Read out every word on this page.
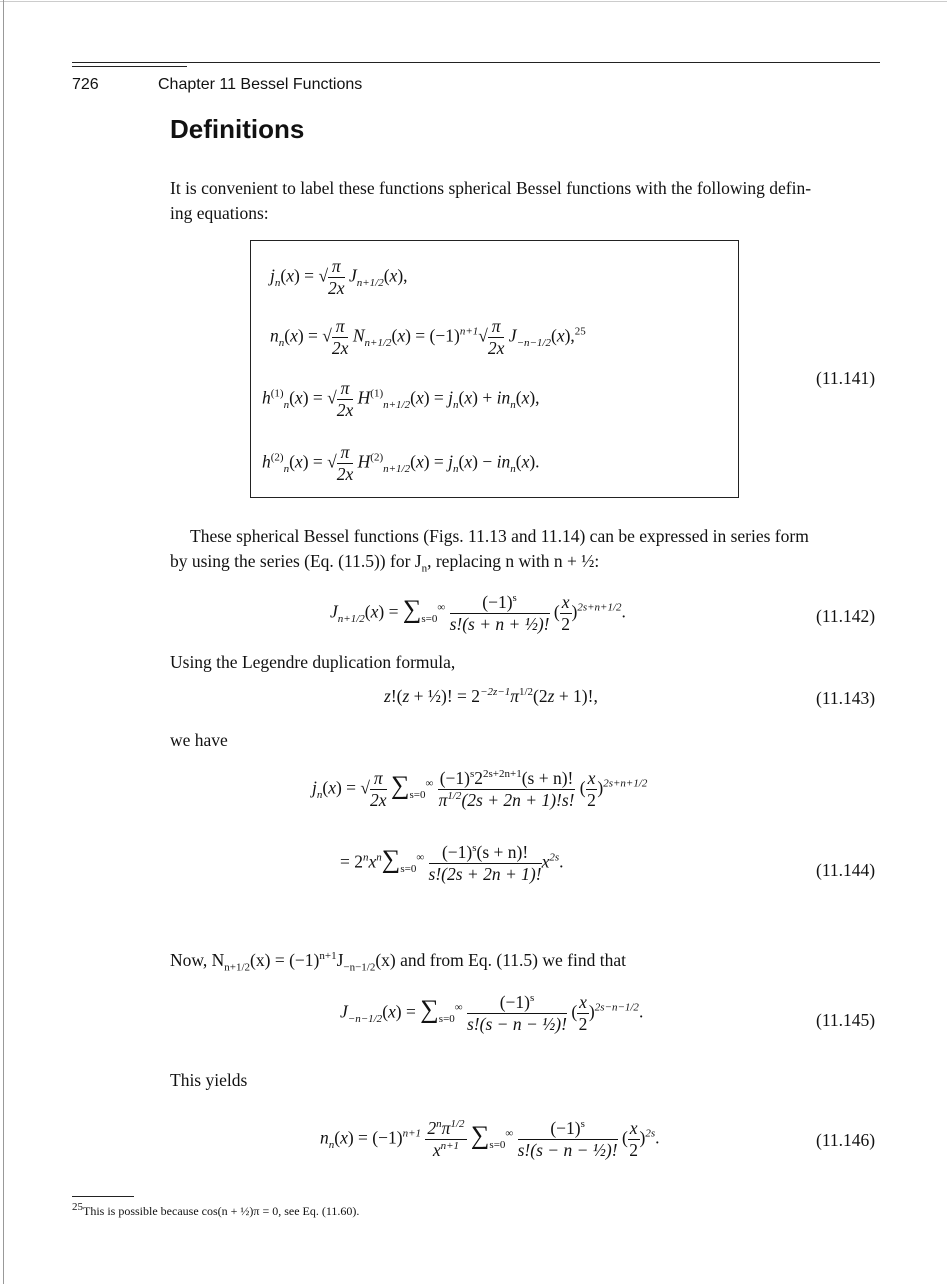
726	Chapter 11 Bessel Functions
Definitions
It is convenient to label these functions spherical Bessel functions with the following defin-
ing equations:
$j_n(x)$ = √ $\frac{\pi}{2x} J_{n+1/2}(x)$,
$n_n(x)$ = √ $\frac{\pi}{2x} N_{n+1/2}(x) = (-1)^{n+1}√ \frac{\pi}{2x} J_{-n-1/2}(x),^{25}$
(11.141)
$h^{(1)}_n(x)$ = √ $\frac{\pi}{2x} H^{(1)}_{n+1/2}(x) = j_n(x) + in_n(x)$,
$h^{(2)}_n(x)$ = √ $\frac{\pi}{2x} H^{(2)}_{n+1/2}(x) = j_n(x) - in_n(x)$.
These spherical Bessel functions (Figs. 11.13 and 11.14) can be expressed in series form
by using the series (Eq. (11.5)) for $J_n$, replacing n with n + ½:
$J_{n+1/2}(x) = \sum_{s=0}^\infty \frac{(-1)^s}{\text{s!(s + n + ½)!}}$ ( $\frac{x}{2} )^{2s+n+1/2}$.	(11.142)
Using the Legendre duplication formula,
z!(z + ½)! = $2^{-2z-1}\pi^{1/2}(2z + 1)$!,	(11.143)
we have
$j_n(x)$ = √ $\frac{\pi}{2x} \sum_{s=0}^\infty \frac{(-1)^s2^{2s+2n+1}(s + n)!}{\pi^{1/2}(2s + 2n + 1)!s!}$ ( $\frac{x}{2} )^{2s+n+1/2}$
= $2^nx^n\sum_{s=0}^\infty \frac{(-1)^s(s + n)!}{s!(2s + 2n + 1)!} x^{2s}$.	(11.144)
Now, $N_{n+1/2}(x) = (-1)^{n+1}J_{-n-1/2}(x)$ and from Eq. (11.5) we find that
$J_{-n-1/2}(x) = \sum_{s=0}^\infty \frac{(-1)^s}{\text{s!(s − n − ½)!}}$ ( $\frac{x}{2} )^{2s-n-1/2}$.	(11.145)
This yields
$n_n(x) = (-1)^{n+1} \frac{2^n\pi^{1/2}}{x^{n+1}} \sum_{s=0}^\infty \frac{(-1)^s}{\text{s!(s − n − ½)!}}$ ( $\frac{x}{2} )^{2s}$.	(11.146)
$^{25}$This is possible because cos(n + ½)π = 0, see Eq. (11.60).
